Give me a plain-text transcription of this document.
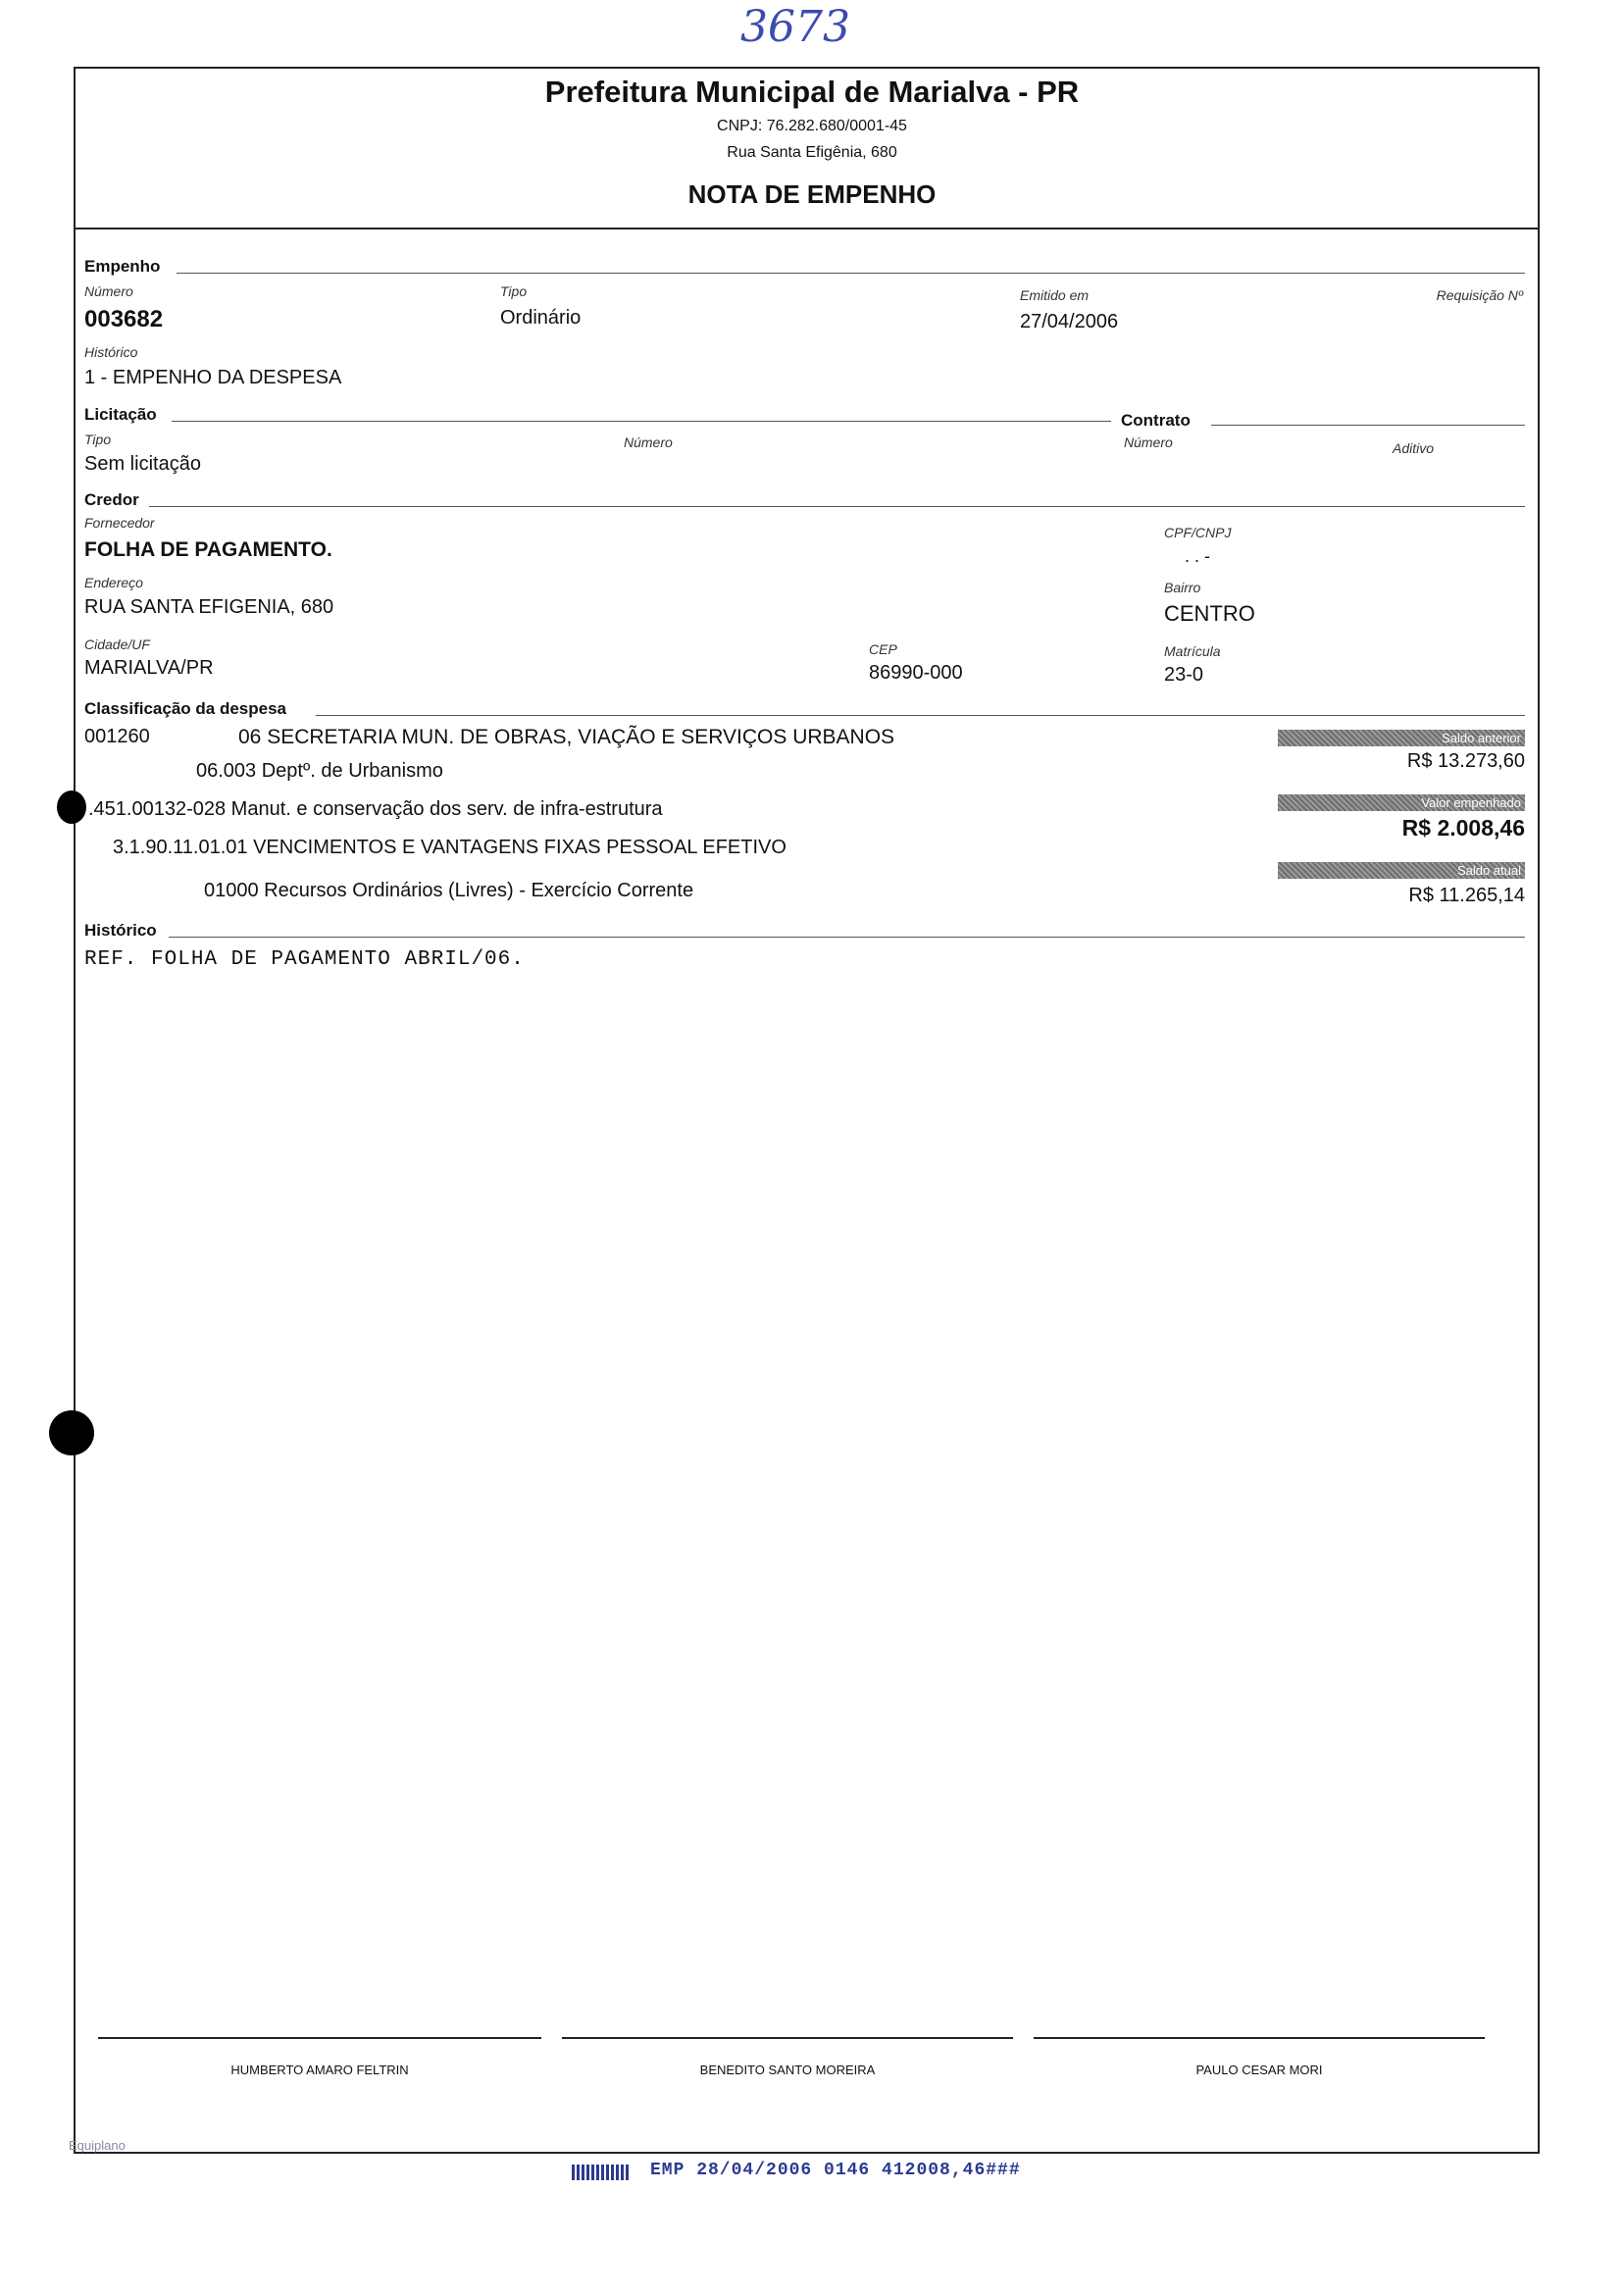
3673
Prefeitura Municipal de Marialva - PR
CNPJ: 76.282.680/0001-45
Rua Santa Efigênia, 680
NOTA DE EMPENHO
Empenho
Número
003682
Tipo
Ordinário
Emitido em
27/04/2006
Requisição Nº
Histórico
1 - EMPENHO DA DESPESA
Licitação	Contrato
Tipo
Sem licitação
Número	Número	Aditivo
Credor
Fornecedor
FOLHA DE PAGAMENTO.
CPF/CNPJ
. . -
Endereço
RUA SANTA EFIGENIA, 680
Bairro
CENTRO
Cidade/UF
MARIALVA/PR
CEP
86990-000
Matrícula
23-0
Classificação da despesa
001260	06 SECRETARIA MUN. DE OBRAS, VIAÇÃO E SERVIÇOS URBANOS
06.003 Deptº. de Urbanismo
.451.00132-028 Manut. e conservação dos serv. de infra-estrutura
3.1.90.11.01.01 VENCIMENTOS E VANTAGENS FIXAS PESSOAL EFETIVO
01000 Recursos Ordinários (Livres) - Exercício Corrente
Saldo anterior
R$ 13.273,60
Valor empenhado
R$ 2.008,46
Saldo atual
R$ 11.265,14
Histórico
REF. FOLHA DE PAGAMENTO ABRIL/06.
HUMBERTO AMARO FELTRIN	BENEDITO SANTO MOREIRA	PAULO CESAR MORI
Equiplano
EMP 28/04/2006 0146 412008,46###
